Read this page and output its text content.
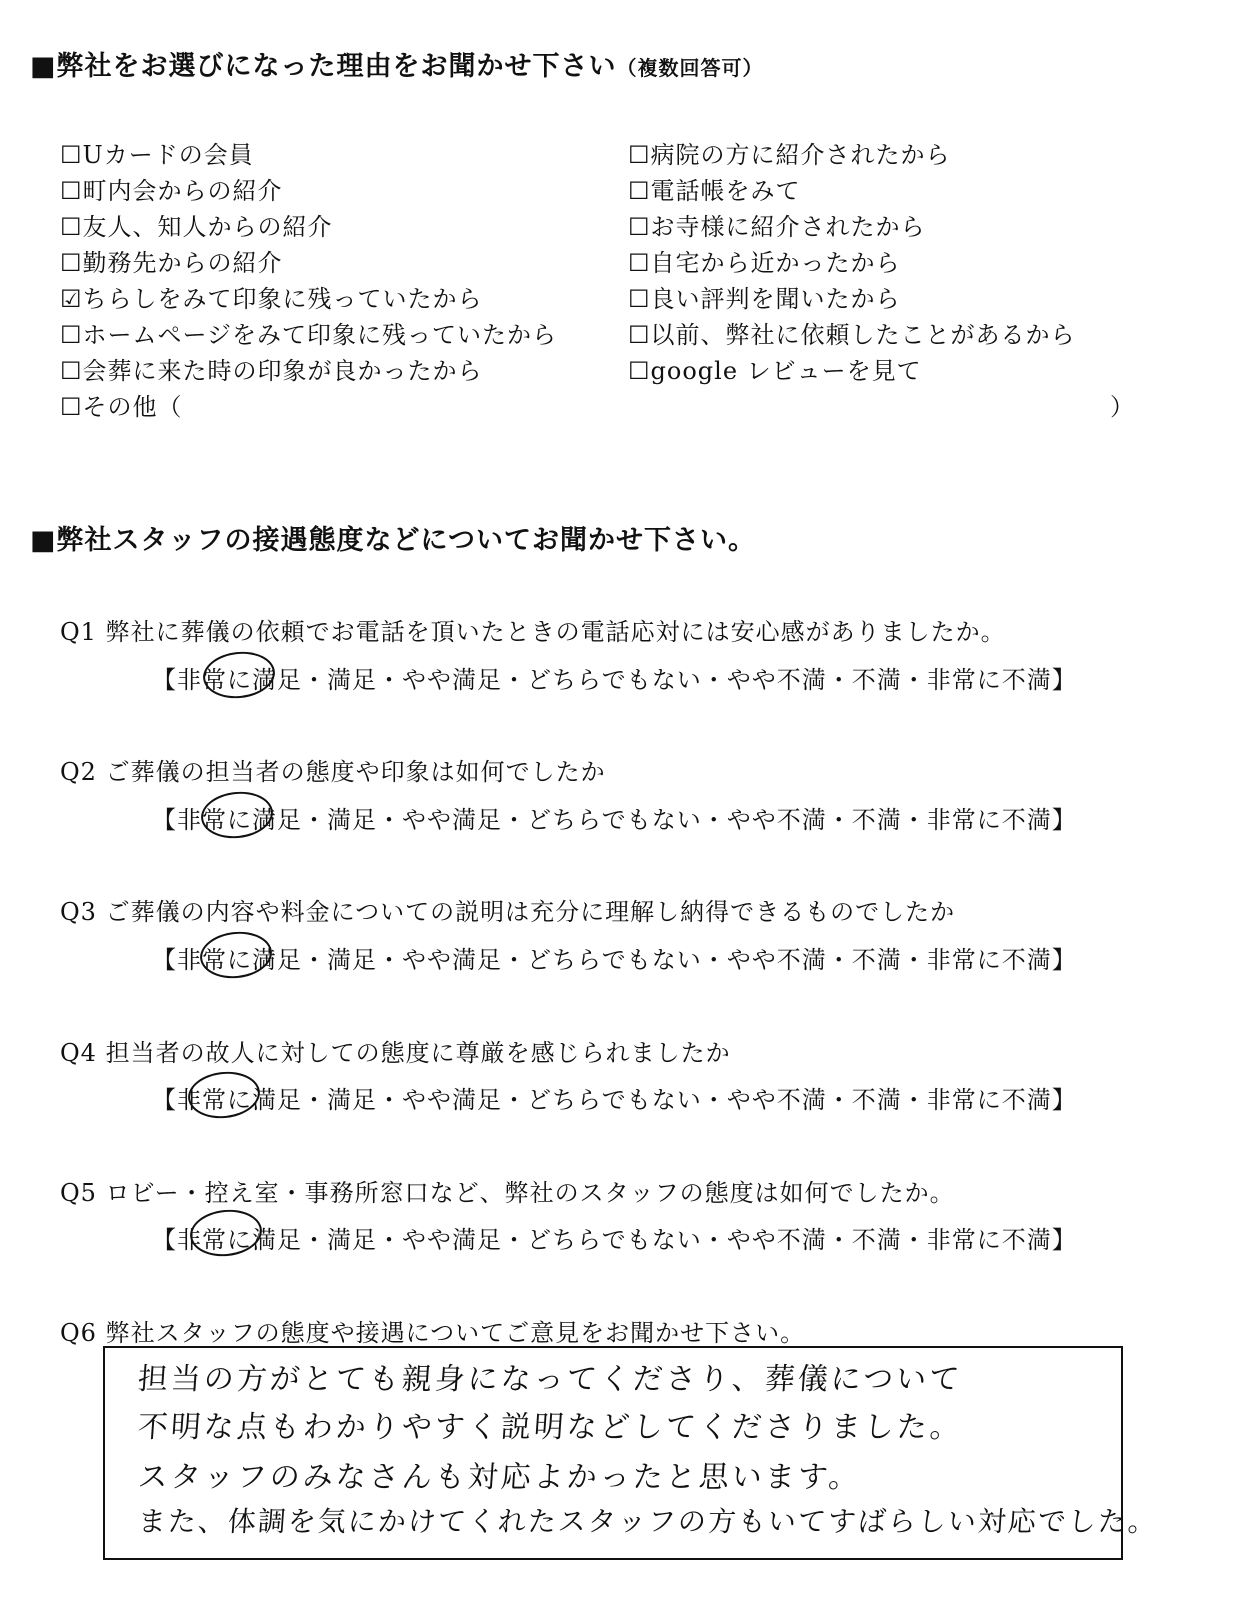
■弊社をお選びになった理由をお聞かせ下さい（複数回答可）
☐Uカードの会員
☐町内会からの紹介
☐友人、知人からの紹介
☐勤務先からの紹介
☑ちらしをみて印象に残っていたから
☐ホームページをみて印象に残っていたから
☐会葬に来た時の印象が良かったから
☐その他（	）
☐病院の方に紹介されたから
☐電話帳をみて
☐お寺様に紹介されたから
☐自宅から近かったから
☐良い評判を聞いたから
☐以前、弊社に依頼したことがあるから
☐google レビューを見て
■弊社スタッフの接遇態度などについてお聞かせ下さい。
Q1 弊社に葬儀の依頼でお電話を頂いたときの電話応対には安心感がありましたか。
【非常に満足・満足・やや満足・どちらでもない・やや不満・不満・非常に不満】
Q2 ご葬儀の担当者の態度や印象は如何でしたか
【非常に満足・満足・やや満足・どちらでもない・やや不満・不満・非常に不満】
Q3 ご葬儀の内容や料金についての説明は充分に理解し納得できるものでしたか
【非常に満足・満足・やや満足・どちらでもない・やや不満・不満・非常に不満】
Q4 担当者の故人に対しての態度に尊厳を感じられましたか
【非常に満足・満足・やや満足・どちらでもない・やや不満・不満・非常に不満】
Q5 ロビー・控え室・事務所窓口など、弊社のスタッフの態度は如何でしたか。
【非常に満足・満足・やや満足・どちらでもない・やや不満・不満・非常に不満】
Q6 弊社スタッフの態度や接遇についてご意見をお聞かせ下さい。
担当の方がとても親身になってくださり、葬儀について
不明な点もわかりやすく説明などしてくださりました。
スタッフのみなさんも対応よかったと思います。
また、体調を気にかけてくれたスタッフの方もいてすばらしい対応でした。
